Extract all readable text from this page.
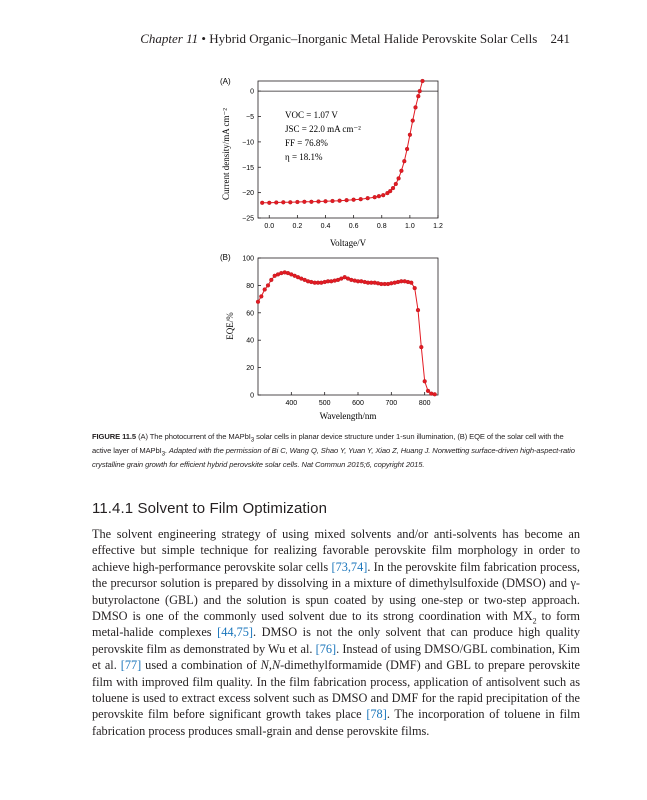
Chapter 11 • Hybrid Organic–Inorganic Metal Halide Perovskite Solar Cells 241
(A)
0.0	0.2	0.4	0.6	0.8	1.0	1.2
0
−5
−10
−15
−20
−25
VOC = 1.07 V
JSC = 22.0 mA cm⁻²
FF = 76.8%
η = 18.1%
Voltage/V
Current density/mA cm⁻²
(B)
400	500	600	700	800
0
20
40
60
80
100
Wavelength/nm
EQE/%
FIGURE 11.5 (A) The photocurrent of the MAPbI$_3$ solar cells in planar device structure under 1-sun illumination, (B) EQE of the solar cell with the active layer of MAPbI$_3$. Adapted with the permission of Bi C, Wang Q, Shao Y, Yuan Y, Xiao Z, Huang J. Nonwetting surface-driven high-aspect-ratio crystalline grain growth for efficient hybrid perovskite solar cells. Nat Commun 2015;6, copyright 2015.
11.4.1 Solvent to Film Optimization
The solvent engineering strategy of using mixed solvents and/or anti-solvents has become an effective but simple technique for realizing favorable perovskite film morphology in order to achieve high-performance perovskite solar cells [73,74]. In the perovskite film fabrication process, the precursor solution is prepared by dissolving in a mixture of dimethylsulfoxide (DMSO) and γ-butyrolactone (GBL) and the solution is spun coated by using one-step or two-step approach. DMSO is one of the commonly used solvent due to its strong coordination with $MX_2$ to form metal-halide complexes [44,75]. DMSO is not the only solvent that can produce high quality perovskite film as demonstrated by Wu et al. [76]. Instead of using DMSO/GBL combination, Kim et al. [77] used a combination of N,N-dimethylformamide (DMF) and GBL to prepare perovskite film with improved film quality. In the film fabrication process, application of antisolvent such as toluene is used to extract excess solvent such as DMSO and DMF for the rapid precipitation of the perovskite film before significant growth takes place [78]. The incorporation of toluene in film fabrication process produces small-grain and dense perovskite films.
